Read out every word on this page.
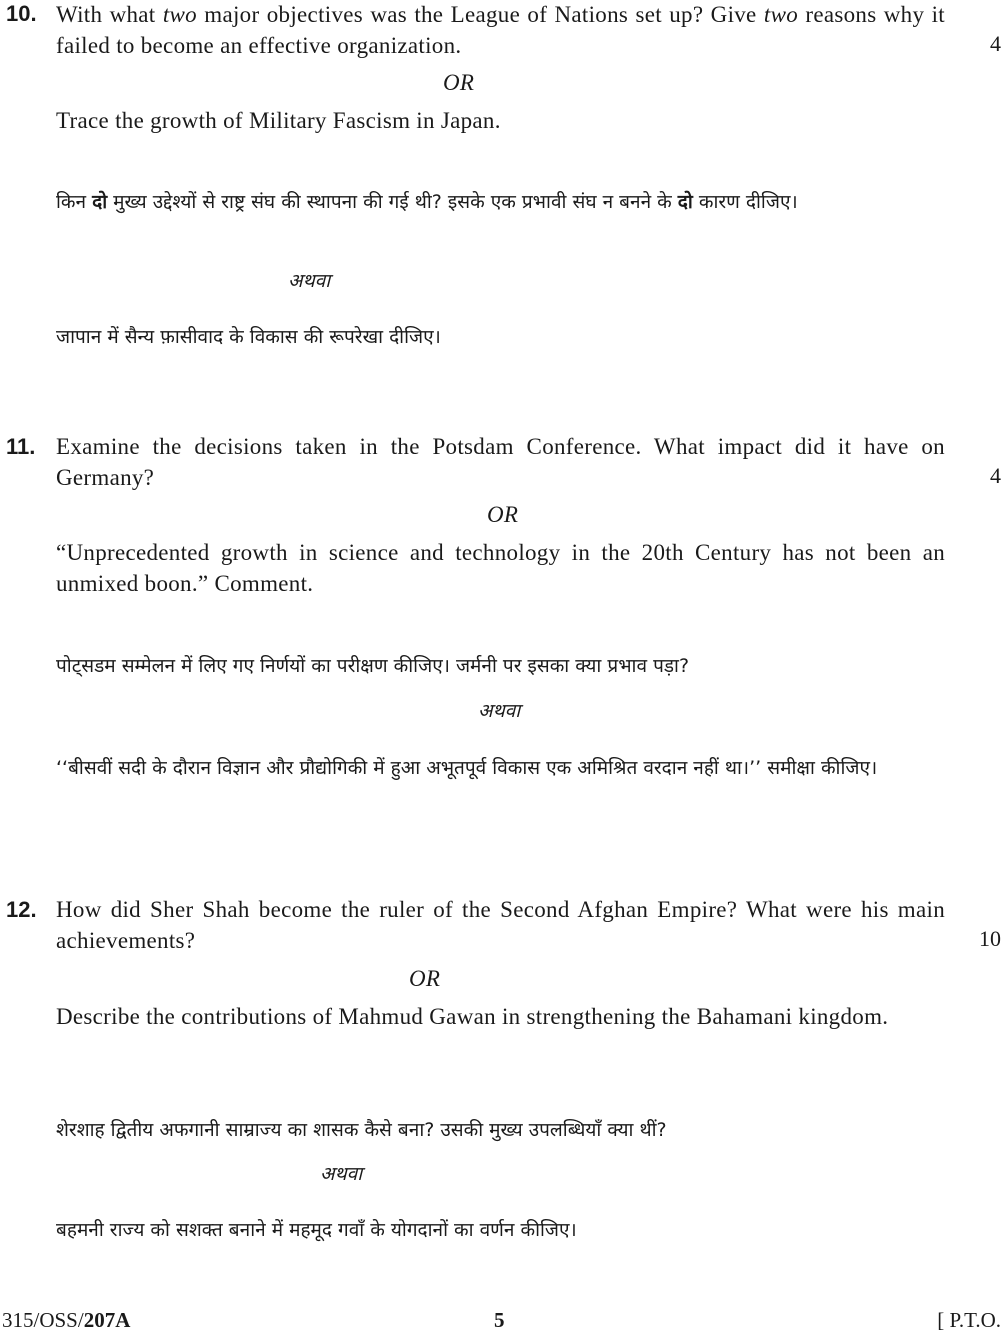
10. With what two major objectives was the League of Nations set up? Give two reasons why it failed to become an effective organization.	4
OR
Trace the growth of Military Fascism in Japan.
किन दो मुख्य उद्देश्यों से राष्ट्र संघ की स्थापना की गई थी? इसके एक प्रभावी संघ न बनने के दो कारण दीजिए।
अथवा
जापान में सैन्य फ़ासीवाद के विकास की रूपरेखा दीजिए।
11. Examine the decisions taken in the Potsdam Conference. What impact did it have on Germany?	4
OR
“Unprecedented growth in science and technology in the 20th Century has not been an unmixed boon.” Comment.
पोट्सडम सम्मेलन में लिए गए निर्णयों का परीक्षण कीजिए। जर्मनी पर इसका क्या प्रभाव पड़ा?
अथवा
‘‘बीसवीं सदी के दौरान विज्ञान और प्रौद्योगिकी में हुआ अभूतपूर्व विकास एक अमिश्रित वरदान नहीं था।’’ समीक्षा कीजिए।
12. How did Sher Shah become the ruler of the Second Afghan Empire? What were his main achievements?	10
OR
Describe the contributions of Mahmud Gawan in strengthening the Bahamani kingdom.
शेरशाह द्वितीय अफगानी साम्राज्य का शासक कैसे बना? उसकी मुख्य उपलब्धियाँ क्या थीं?
अथवा
बहमनी राज्य को सशक्त बनाने में महमूद गवाँ के योगदानों का वर्णन कीजिए।
315/OSS/207A	5	[ P.T.O.
